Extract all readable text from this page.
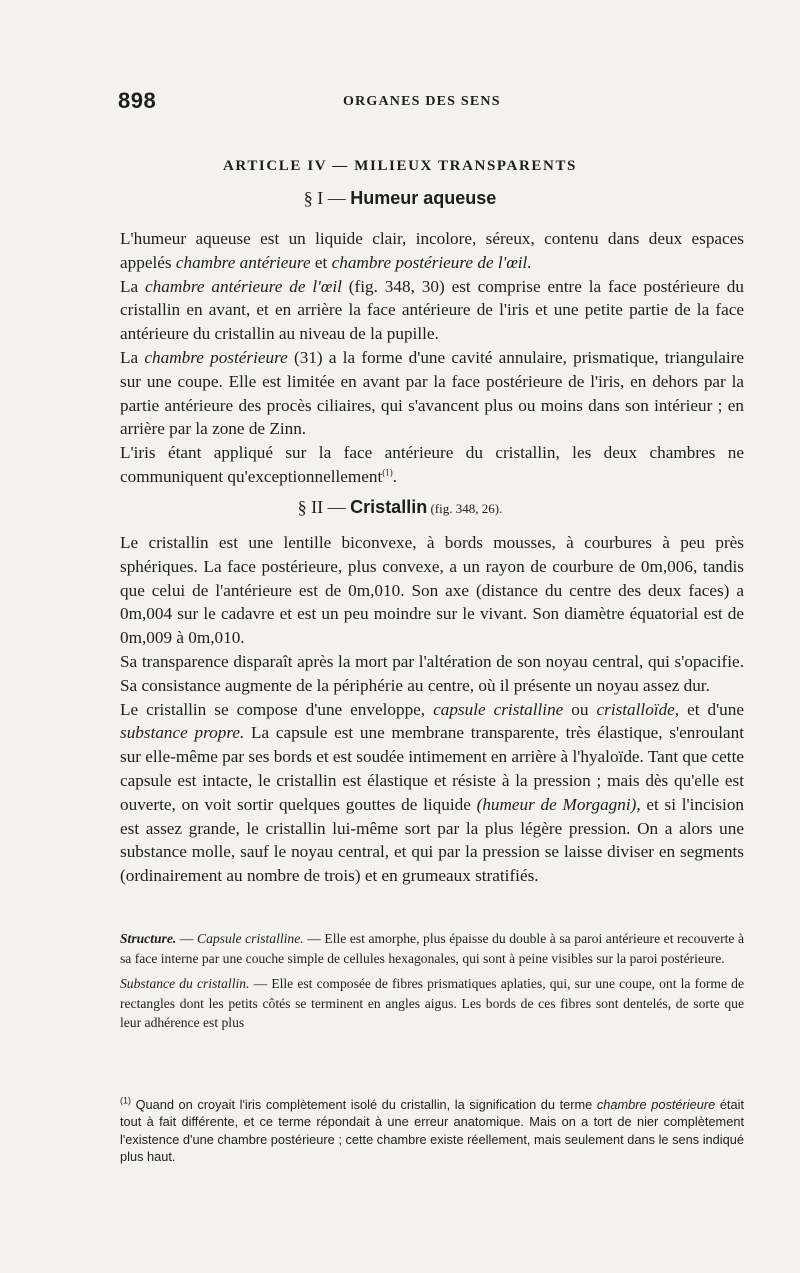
898	ORGANES DES SENS
ARTICLE IV — MILIEUX TRANSPARENTS
§ I — Humeur aqueuse

L'humeur aqueuse est un liquide clair, incolore, séreux, contenu dans deux espaces appelés chambre antérieure et chambre postérieure de l'œil.

La chambre antérieure de l'œil (fig. 348, 30) est comprise entre la face postérieure du cristallin en avant, et en arrière la face antérieure de l'iris et une petite partie de la face antérieure du cristallin au niveau de la pupille.

La chambre postérieure (31) a la forme d'une cavité annulaire, prismatique, triangulaire sur une coupe. Elle est limitée en avant par la face postérieure de l'iris, en dehors par la partie antérieure des procès ciliaires, qui s'avancent plus ou moins dans son intérieur ; en arrière par la zone de Zinn.

L'iris étant appliqué sur la face antérieure du cristallin, les deux chambres ne communiquent qu'exceptionnellement$^{(1)}$.

§ II — Cristallin (fig. 348, 26).

Le cristallin est une lentille biconvexe, à bords mousses, à courbures à peu près sphériques. La face postérieure, plus convexe, a un rayon de courbure de 0m,006, tandis que celui de l'antérieure est de 0m,010. Son axe (distance du centre des deux faces) a 0m,004 sur le cadavre et est un peu moindre sur le vivant. Son diamètre équatorial est de 0m,009 à 0m,010.

Sa transparence disparaît après la mort par l'altération de son noyau central, qui s'opacifie. Sa consistance augmente de la périphérie au centre, où il présente un noyau assez dur.

Le cristallin se compose d'une enveloppe, capsule cristalline ou cristalloïde, et d'une substance propre. La capsule est une membrane transparente, très élastique, s'enroulant sur elle-même par ses bords et est soudée intimement en arrière à l'hyaloïde. Tant que cette capsule est intacte, le cristallin est élastique et résiste à la pression ; mais dès qu'elle est ouverte, on voit sortir quelques gouttes de liquide (humeur de Morgagni), et si l'incision est assez grande, le cristallin lui-même sort par la plus légère pression. On a alors une substance molle, sauf le noyau central, et qui par la pression se laisse diviser en segments (ordinairement au nombre de trois) et en grumeaux stratifiés.

Structure. — Capsule cristalline. — Elle est amorphe, plus épaisse du double à sa paroi antérieure et recouverte à sa face interne par une couche simple de cellules hexagonales, qui sont à peine visibles sur la paroi postérieure.

Substance du cristallin. — Elle est composée de fibres prismatiques aplaties, qui, sur une coupe, ont la forme de rectangles dont les petits côtés se terminent en angles aigus. Les bords de ces fibres sont dentelés, de sorte que leur adhérence est plus

$^{(1)}$ Quand on croyait l'iris complètement isolé du cristallin, la signification du terme chambre postérieure était tout à fait différente, et ce terme répondait à une erreur anatomique. Mais on a tort de nier complètement l'existence d'une chambre postérieure ; cette chambre existe réellement, mais seulement dans le sens indiqué plus haut.
